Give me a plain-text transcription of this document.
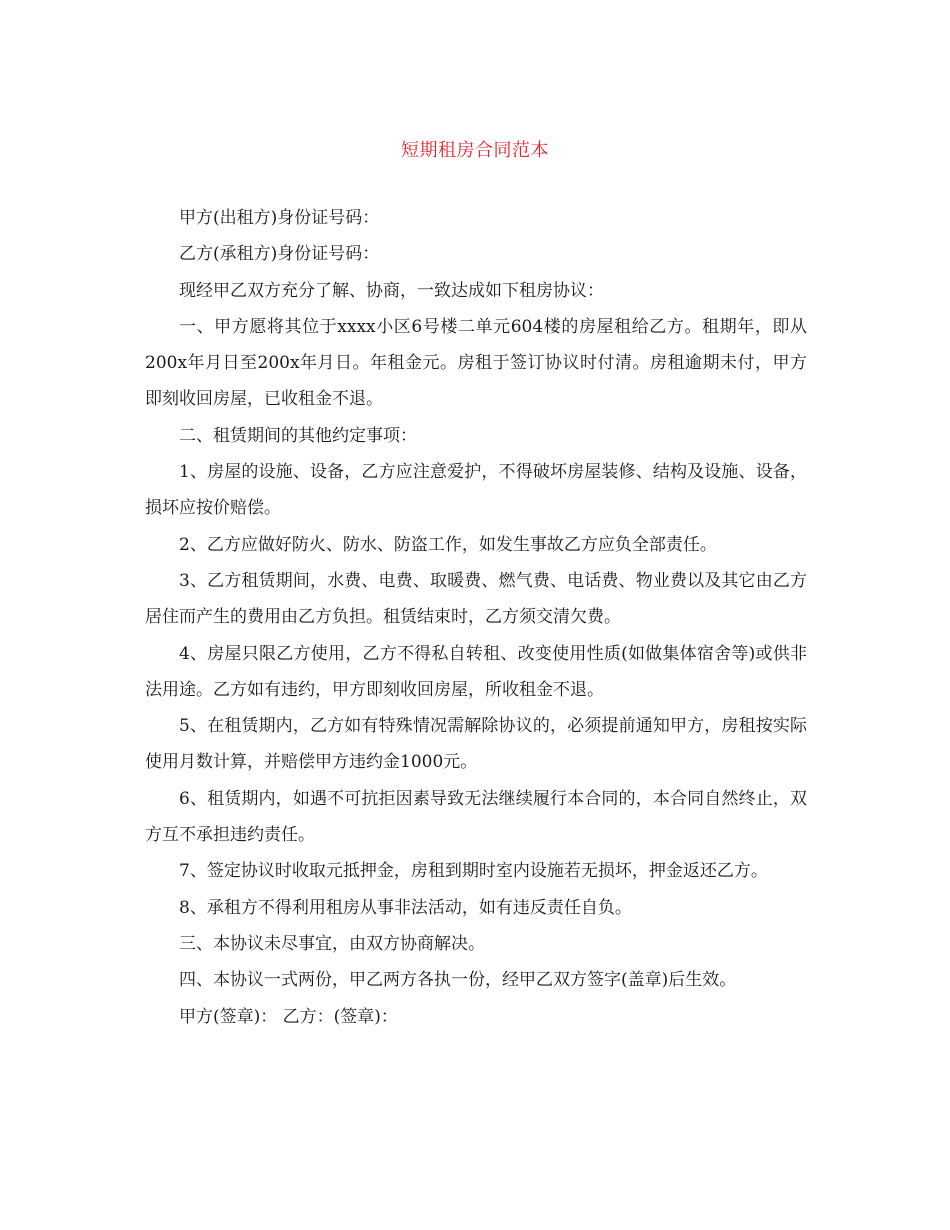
短期租房合同范本

甲方(出租方)身份证号码：

乙方(承租方)身份证号码：

现经甲乙双方充分了解、协商，一致达成如下租房协议：

一、甲方愿将其位于xxxx小区6号楼二单元604楼的房屋租给乙方。租期年，即从200x年月日至200x年月日。年租金元。房租于签订协议时付清。房租逾期未付，甲方即刻收回房屋，已收租金不退。

二、租赁期间的其他约定事项：

1、房屋的设施、设备，乙方应注意爱护，不得破坏房屋装修、结构及设施、设备，损坏应按价赔偿。

2、乙方应做好防火、防水、防盗工作，如发生事故乙方应负全部责任。

3、乙方租赁期间，水费、电费、取暖费、燃气费、电话费、物业费以及其它由乙方居住而产生的费用由乙方负担。租赁结束时，乙方须交清欠费。

4、房屋只限乙方使用，乙方不得私自转租、改变使用性质(如做集体宿舍等)或供非法用途。乙方如有违约，甲方即刻收回房屋，所收租金不退。

5、在租赁期内，乙方如有特殊情况需解除协议的，必须提前通知甲方，房租按实际使用月数计算，并赔偿甲方违约金1000元。

6、租赁期内，如遇不可抗拒因素导致无法继续履行本合同的，本合同自然终止，双方互不承担违约责任。

7、签定协议时收取元抵押金，房租到期时室内设施若无损坏，押金返还乙方。

8、承租方不得利用租房从事非法活动，如有违反责任自负。

三、本协议未尽事宜，由双方协商解决。

四、本协议一式两份，甲乙两方各执一份，经甲乙双方签字(盖章)后生效。

甲方(签章)： 乙方：(签章)：
